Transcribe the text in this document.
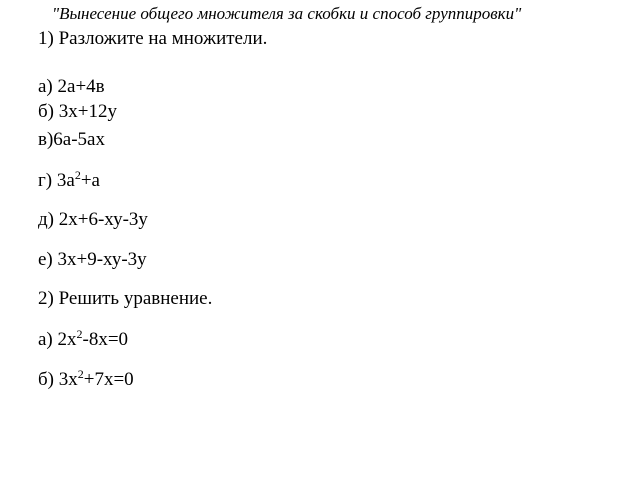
"Вынесение общего множителя за скобки и способ группировки"
1) Разложите на множители.
а) 2а+4в
б) 3х+12у
в)6а-5ах
г) $3а^2+а$
д) 2х+6-ху-3у
е) 3х+9-ху-3у
2) Решить уравнение.
а) $2х^2-8х=0$
б) $3х^2+7х=0$
